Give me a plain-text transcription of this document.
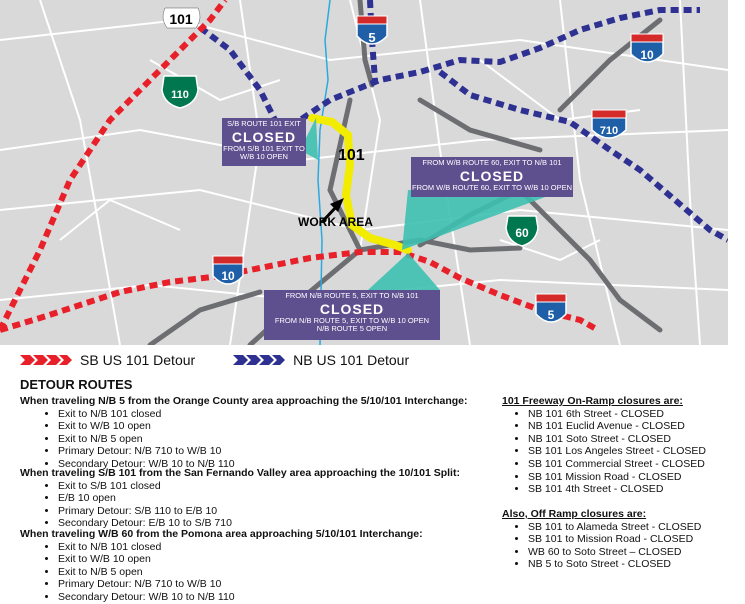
101
5
110
10
710
10
60
5
101
WORK AREA
S/B ROUTE 101 EXIT
CLOSED
FROM S/B 101 EXIT TO
W/B 10 OPEN
FROM W/B ROUTE 60, EXIT TO N/B 101
CLOSED
FROM W/B ROUTE 60, EXIT TO W/B 10 OPEN
FROM N/B ROUTE 5, EXIT TO N/B 101
CLOSED
FROM N/B ROUTE 5, EXIT TO W/B 10 OPEN
N/B ROUTE 5 OPEN
SB US 101 Detour	NB US 101 Detour
DETOUR ROUTES
When traveling N/B 5 from the Orange County area approaching the 5/10/101 Interchange:
• Exit to N/B 101 closed
• Exit to W/B 10 open
• Exit to N/B 5 open
• Primary Detour: N/B 710 to W/B 10
• Secondary Detour: W/B 10 to N/B 110
When traveling S/B 101 from the San Fernando Valley area approaching the 10/101 Split:
• Exit to S/B 101 closed
• E/B 10 open
• Primary Detour: S/B 110 to E/B 10
• Secondary Detour: E/B 10 to S/B 710
When traveling W/B 60 from the Pomona area approaching 5/10/101 Interchange:
• Exit to N/B 101 closed
• Exit to W/B 10 open
• Exit to N/B 5 open
• Primary Detour: N/B 710 to W/B 10
• Secondary Detour: W/B 10 to N/B 110
101 Freeway On-Ramp closures are:
• NB 101 6th Street - CLOSED
• NB 101 Euclid Avenue - CLOSED
• NB 101 Soto Street - CLOSED
• SB 101 Los Angeles Street - CLOSED
• SB 101 Commercial Street - CLOSED
• SB 101 Mission Road - CLOSED
• SB 101 4th Street - CLOSED
Also, Off Ramp closures are:
• SB 101 to Alameda Street - CLOSED
• SB 101 to Mission Road - CLOSED
• WB 60 to Soto Street – CLOSED
• NB 5 to Soto Street - CLOSED
